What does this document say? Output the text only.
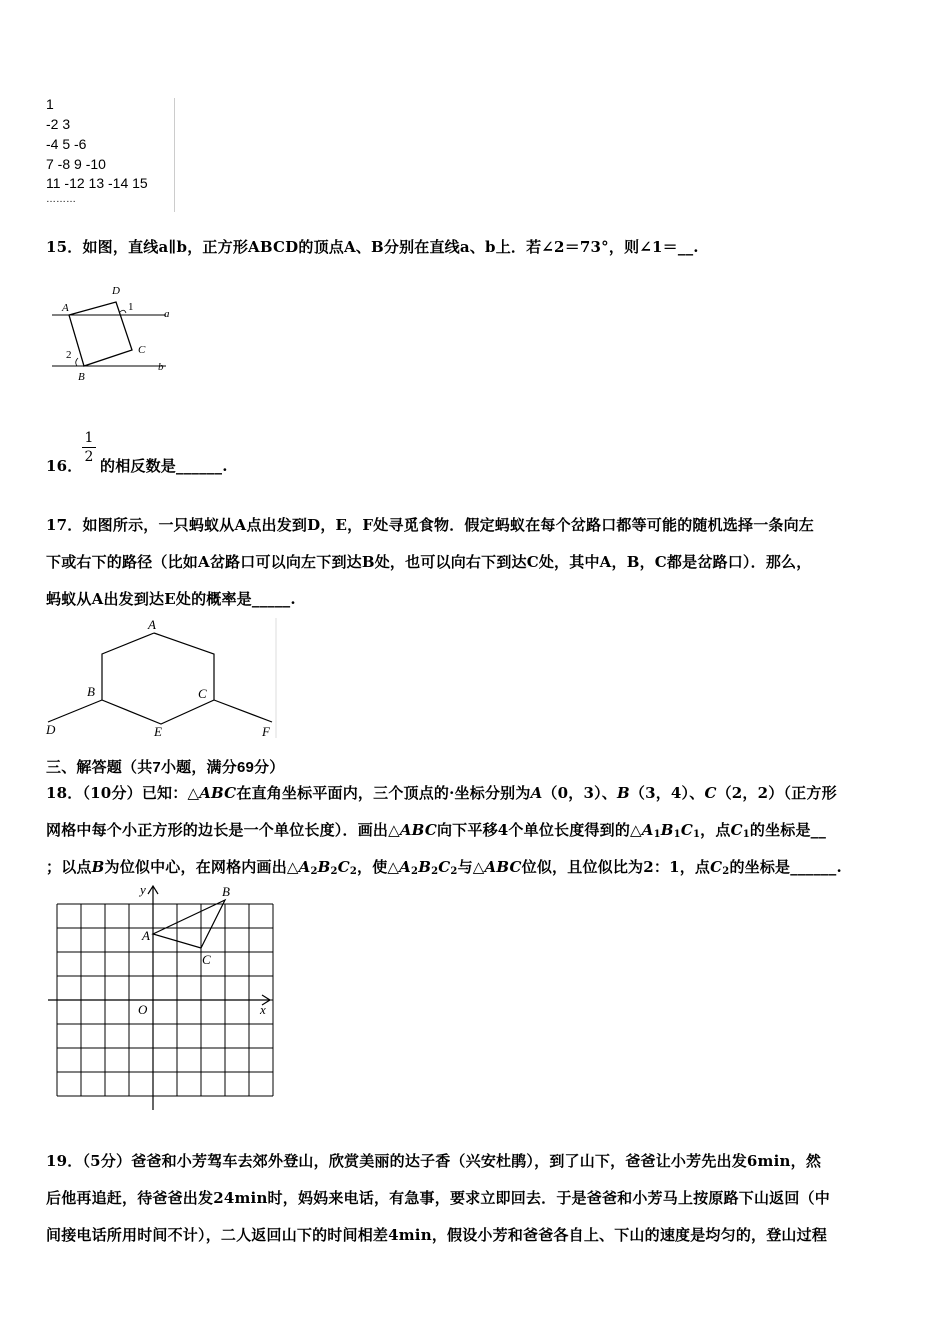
1
-2 3
-4 5 -6
7 -8 9 -10
11 -12 13 -14 15
………
15．如图，直线a∥b，正方形ABCD的顶点A、B分别在直线a、b上．若∠2＝73°，则∠1＝__.
A
D
1
a
C
2
b
B
16．
1
2 的相反数是______.
17．如图所示，一只蚂蚁从A点出发到D，E，F处寻觅食物．假定蚂蚁在每个岔路口都等可能的随机选择一条向左
下或右下的路径（比如A岔路口可以向左下到达B处，也可以向右下到达C处，其中A，B，C都是岔路口）．那么，
蚂蚁从A出发到达E处的概率是_____.
A
B	C
D	E	F
三、解答题（共7小题，满分69分）
18．（10分）已知：△ABC在直角坐标平面内，三个顶点的·坐标分别为A（0，3）、B（3，4）、C（2，2）（正方形
网格中每个小正方形的边长是一个单位长度）．画出△ABC向下平移4个单位长度得到的$\triangle A_1B_1C_1$，点$C_1$的坐标是__
；以点B为位似中心，在网格内画出$\triangle A_2B_2C_2$，使$\triangle A_2B_2C_2$与△ABC位似，且位似比为2：1，点$C_2$的坐标是______.
y
x
O
A
B
C
19．（5分）爸爸和小芳驾车去郊外登山，欣赏美丽的达子香（兴安杜鹃），到了山下，爸爸让小芳先出发6min，然
后他再追赶，待爸爸出发24min时，妈妈来电话，有急事，要求立即回去．于是爸爸和小芳马上按原路下山返回（中
间接电话所用时间不计），二人返回山下的时间相差4min，假设小芳和爸爸各自上、下山的速度是均匀的，登山过程
